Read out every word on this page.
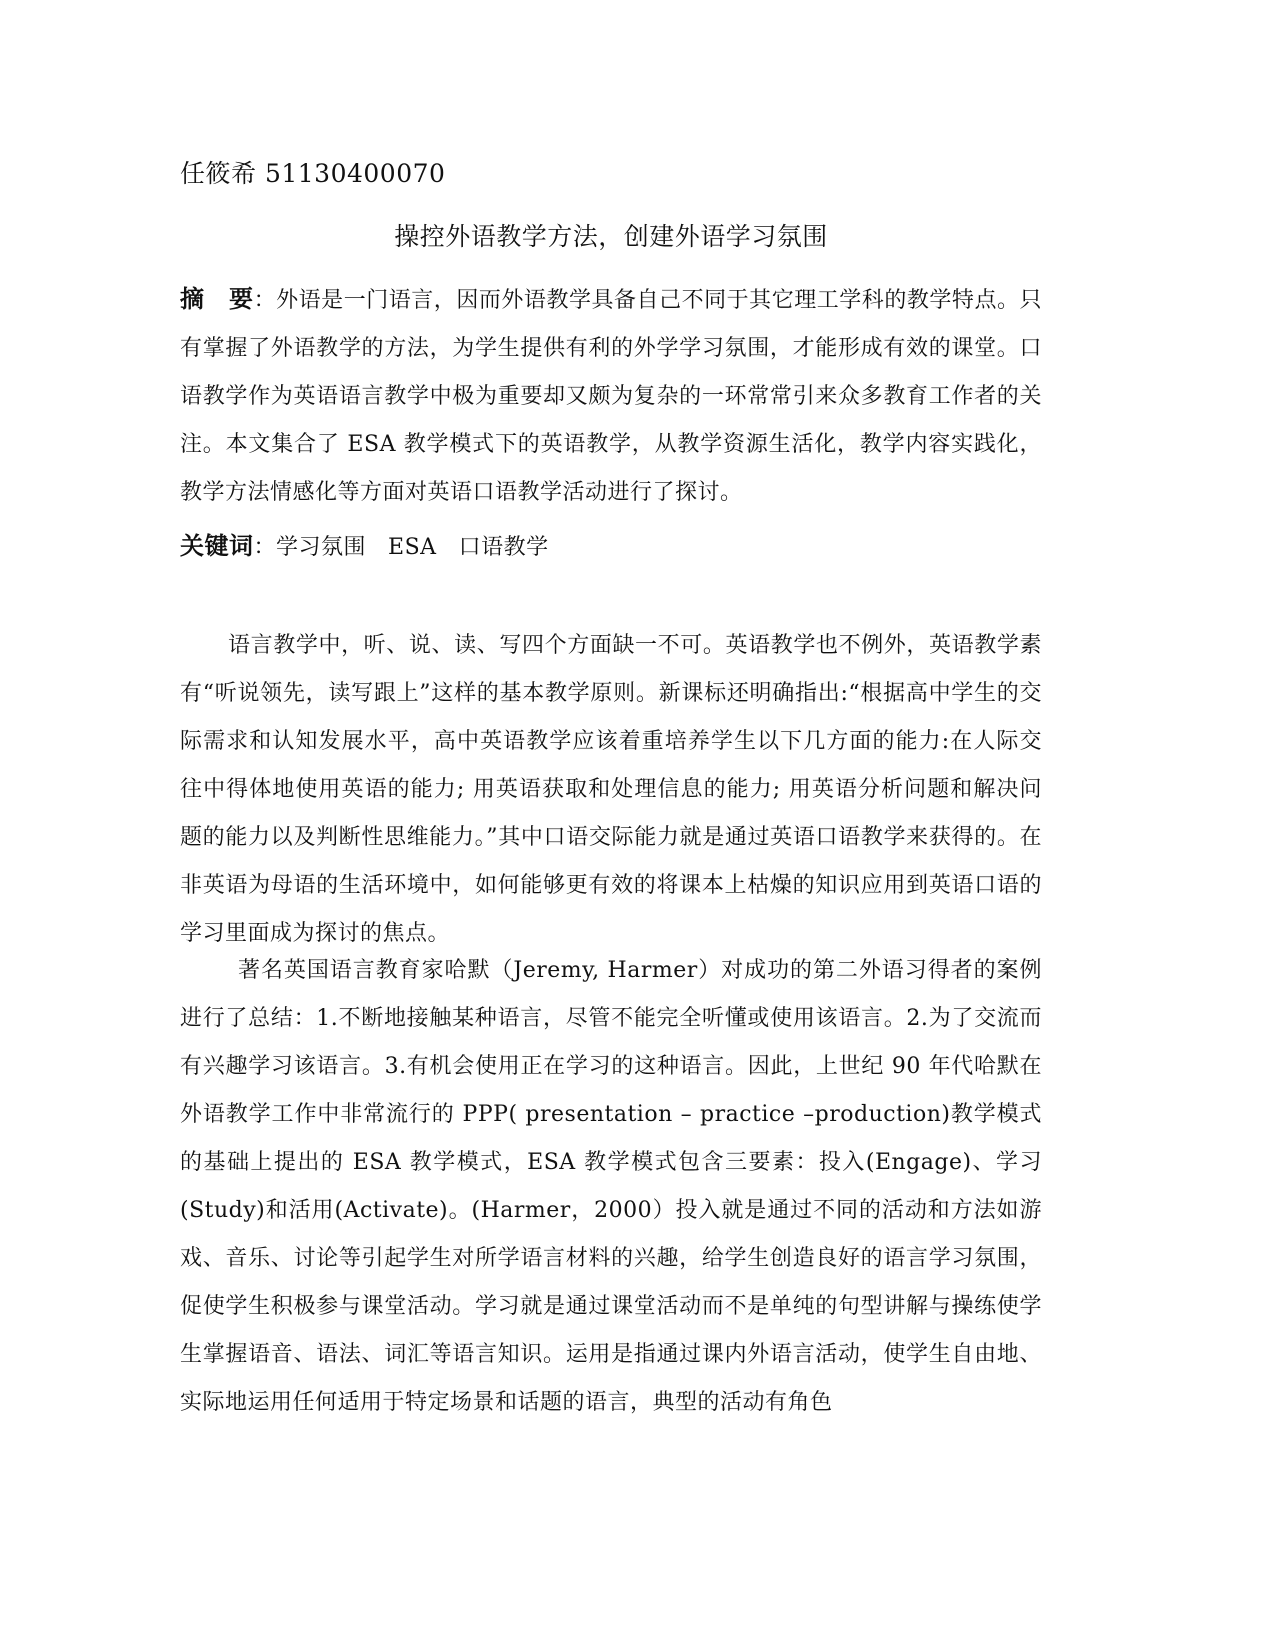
任筱希 51130400070
操控外语教学方法，创建外语学习氛围
摘　要：外语是一门语言，因而外语教学具备自己不同于其它理工学科的教学特点。只有掌握了外语教学的方法，为学生提供有利的外学学习氛围，才能形成有效的课堂。口语教学作为英语语言教学中极为重要却又颇为复杂的一环常常引来众多教育工作者的关注。本文集合了 ESA 教学模式下的英语教学，从教学资源生活化，教学内容实践化，教学方法情感化等方面对英语口语教学活动进行了探讨。
关键词：学习氛围 ESA 口语教学
语言教学中，听、说、读、写四个方面缺一不可。英语教学也不例外，英语教学素有“听说领先，读写跟上”这样的基本教学原则。新课标还明确指出:“根据高中学生的交际需求和认知发展水平，高中英语教学应该着重培养学生以下几方面的能力:在人际交往中得体地使用英语的能力; 用英语获取和处理信息的能力; 用英语分析问题和解决问题的能力以及判断性思维能力。”其中口语交际能力就是通过英语口语教学来获得的。在非英语为母语的生活环境中，如何能够更有效的将课本上枯燥的知识应用到英语口语的学习里面成为探讨的焦点。
著名英国语言教育家哈默（Jeremy, Harmer）对成功的第二外语习得者的案例进行了总结：1.不断地接触某种语言，尽管不能完全听懂或使用该语言。2.为了交流而有兴趣学习该语言。3.有机会使用正在学习的这种语言。因此，上世纪 90 年代哈默在外语教学工作中非常流行的 PPP( presentation – practice –production)教学模式的基础上提出的 ESA 教学模式，ESA 教学模式包含三要素：投入(Engage)、学习(Study)和活用(Activate)。(Harmer，2000）投入就是通过不同的活动和方法如游戏、音乐、讨论等引起学生对所学语言材料的兴趣，给学生创造良好的语言学习氛围，促使学生积极参与课堂活动。学习就是通过课堂活动而不是单纯的句型讲解与操练使学生掌握语音、语法、词汇等语言知识。运用是指通过课内外语言活动，使学生自由地、实际地运用任何适用于特定场景和话题的语言，典型的活动有角色
